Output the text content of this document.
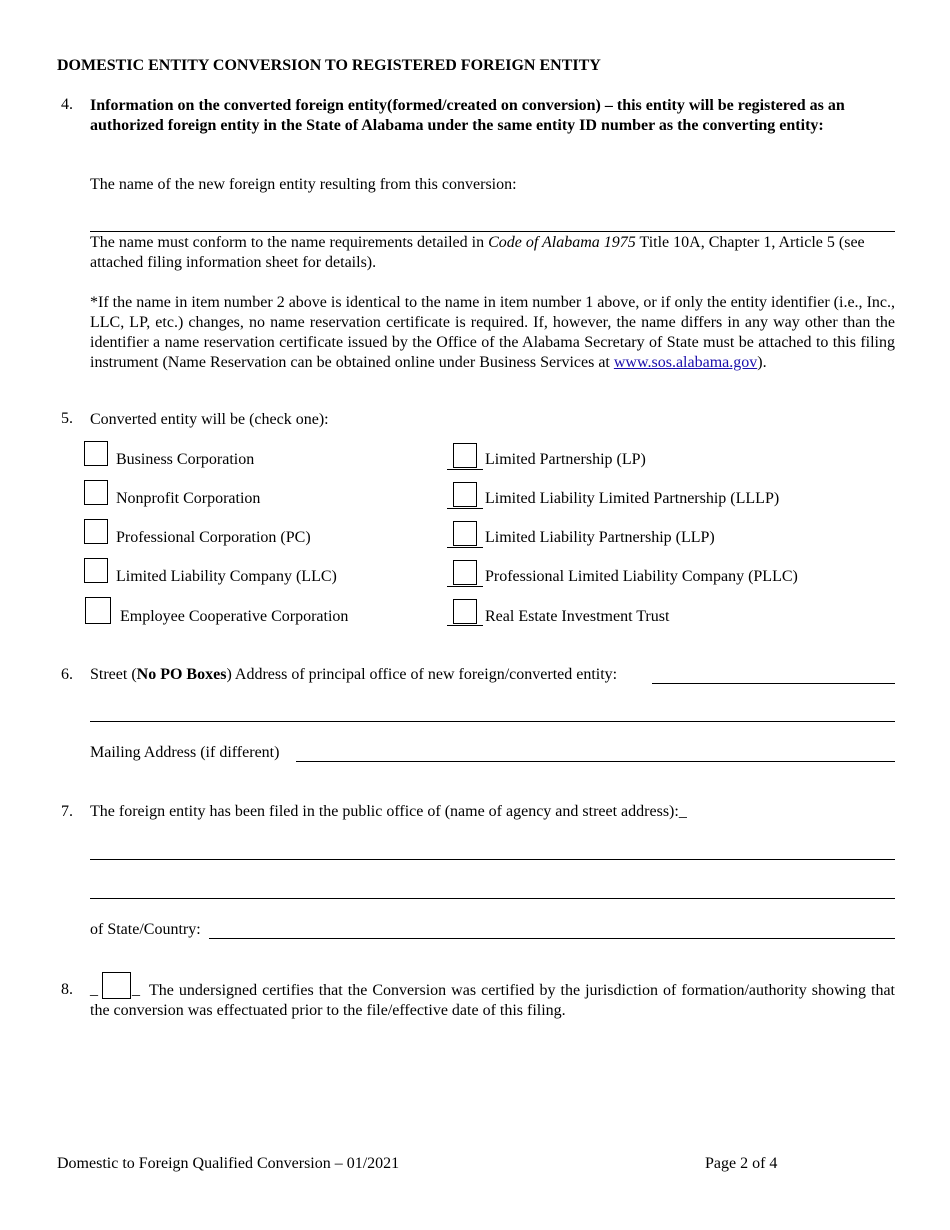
DOMESTIC ENTITY CONVERSION TO REGISTERED FOREIGN ENTITY
4. Information on the converted foreign entity(formed/created on conversion) – this entity will be registered as an authorized foreign entity in the State of Alabama under the same entity ID number as the converting entity:
The name of the new foreign entity resulting from this conversion:
The name must conform to the name requirements detailed in Code of Alabama 1975 Title 10A, Chapter 1, Article 5 (see attached filing information sheet for details).
*If the name in item number 2 above is identical to the name in item number 1 above, or if only the entity identifier (i.e., Inc., LLC, LP, etc.) changes, no name reservation certificate is required. If, however, the name differs in any way other than the identifier a name reservation certificate issued by the Office of the Alabama Secretary of State must be attached to this filing instrument (Name Reservation can be obtained online under Business Services at www.sos.alabama.gov).
5. Converted entity will be (check one):
Business Corporation
Nonprofit Corporation
Professional Corporation (PC)
Limited Liability Company (LLC)
Employee Cooperative Corporation
Limited Partnership (LP)
Limited Liability Limited Partnership (LLLP)
Limited Liability Partnership (LLP)
Professional Limited Liability Company (PLLC)
Real Estate Investment Trust
6. Street (No PO Boxes) Address of principal office of new foreign/converted entity:
Mailing Address (if different)
7. The foreign entity has been filed in the public office of (name of agency and street address):_
of State/Country:
8. _ _ The undersigned certifies that the Conversion was certified by the jurisdiction of formation/authority showing that the conversion was effectuated prior to the file/effective date of this filing.
Domestic to Foreign Qualified Conversion – 01/2021	Page 2 of 4
